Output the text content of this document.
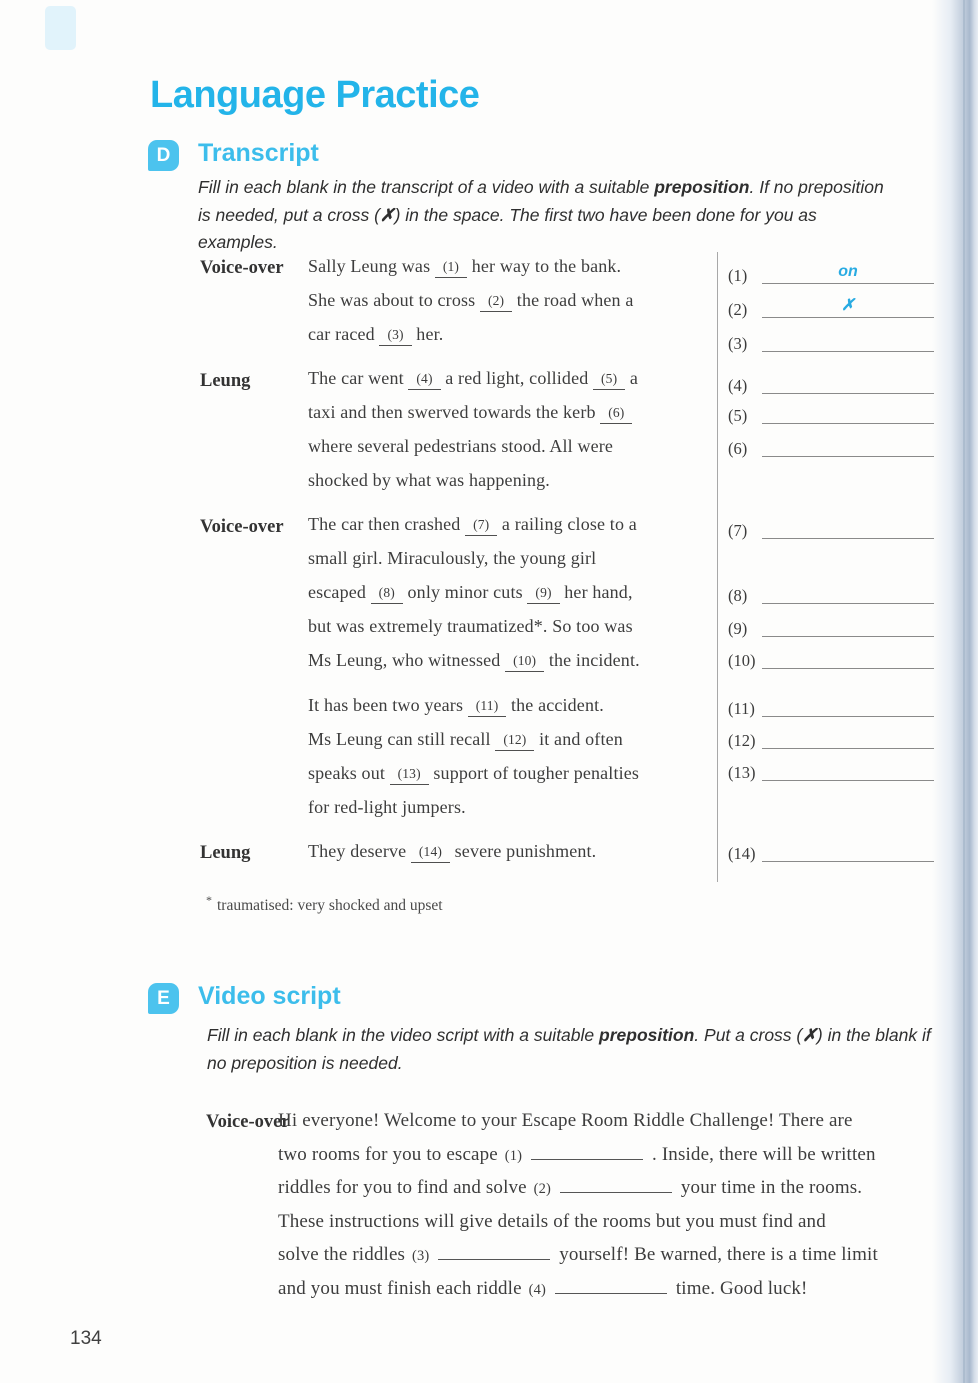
Language Practice
D	Transcript
Fill in each blank in the transcript of a video with a suitable preposition. If no preposition is needed, put a cross (✗) in the space. The first two have been done for you as examples.
Voice-over Sally Leung was (1) her way to the bank.
She was about to cross (2) the road when a
car raced (3) her.
Leung	The car went (4) a red light, collided (5) a
taxi and then swerved towards the kerb (6)
where several pedestrians stood. All were
shocked by what was happening.
Voice-over The car then crashed (7) a railing close to a
small girl. Miraculously, the young girl
escaped (8) only minor cuts (9) her hand,
but was extremely traumatized*. So too was
Ms Leung, who witnessed (10) the incident.
It has been two years (11) the accident.
Ms Leung can still recall (12) it and often
speaks out (13) support of tougher penalties
for red-light jumpers.
Leung	They deserve (14) severe punishment.
(1)	on
(2)	✗
(3)
(4)
(5)
(6)
(7)
(8)
(9)
(10)
(11)
(12)
(13)
(14)
* traumatised: very shocked and upset
E	Video script
Fill in each blank in the video script with a suitable preposition. Put a cross (✗) in the blank if no preposition is needed.
Voice-over
Hi everyone! Welcome to your Escape Room Riddle Challenge! There are
two rooms for you to escape (1)	. Inside, there will be written
riddles for you to find and solve (2)	your time in the rooms.
These instructions will give details of the rooms but you must find and
solve the riddles (3)	yourself! Be warned, there is a time limit
and you must finish each riddle (4)	time. Good luck!
134
